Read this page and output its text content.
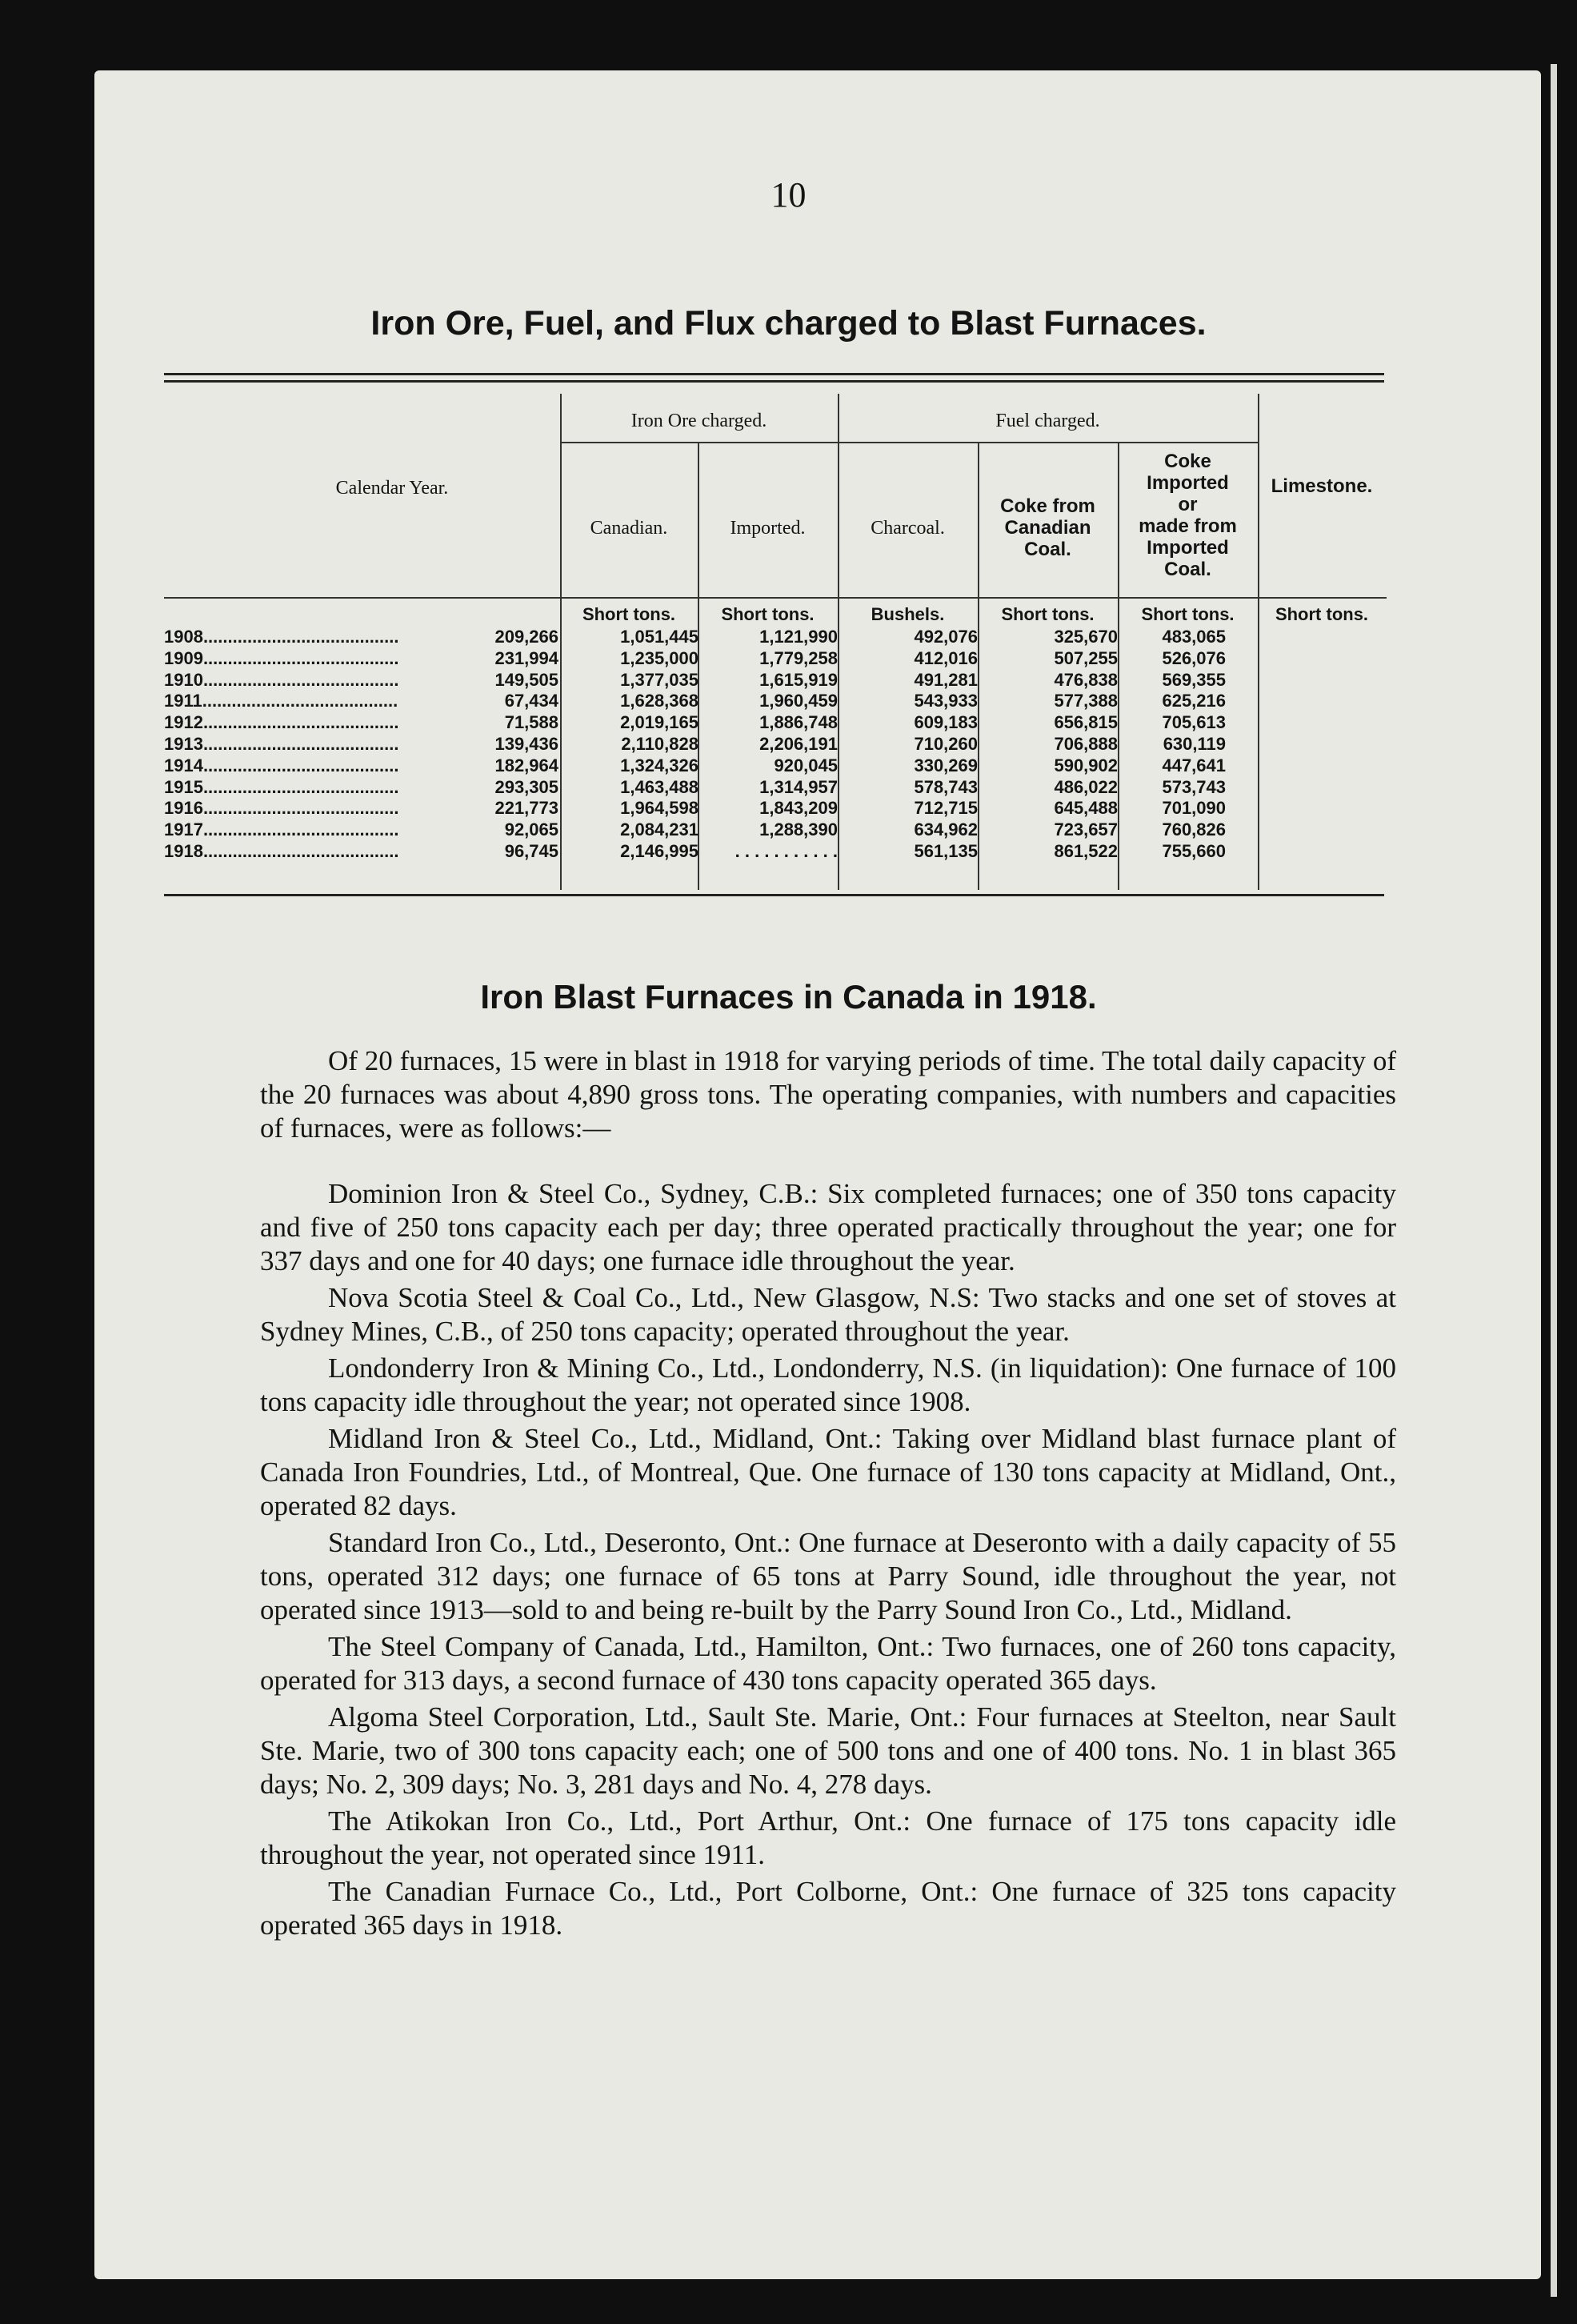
10
Iron Ore, Fuel, and Flux charged to Blast Furnaces.
Iron Ore charged.	Fuel charged.
Calendar Year.
Canadian.	Imported.	Charcoal.
Coke from
Canadian
Coal.
Coke
Imported
or
made from
Imported
Coal.
Limestone.
Short tons.	Short tons.	Bushels.	Short tons.	Short tons.	Short tons.
1908........................................	209,266	1,051,445	1,121,990	492,076	325,670	483,065
1909........................................	231,994	1,235,000	1,779,258	412,016	507,255	526,076
1910........................................	149,505	1,377,035	1,615,919	491,281	476,838	569,355
1911........................................	67,434	1,628,368	1,960,459	543,933	577,388	625,216
1912........................................	71,588	2,019,165	1,886,748	609,183	656,815	705,613
1913........................................	139,436	2,110,828	2,206,191	710,260	706,888	630,119
1914........................................	182,964	1,324,326	920,045	330,269	590,902	447,641
1915........................................	293,305	1,463,488	1,314,957	578,743	486,022	573,743
1916........................................	221,773	1,964,598	1,843,209	712,715	645,488	701,090
1917........................................	92,065	2,084,231	1,288,390	634,962	723,657	760,826
1918........................................	96,745	2,146,995 . . . . . . . . . . .	561,135	861,522	755,660
Iron Blast Furnaces in Canada in 1918.

Of 20 furnaces, 15 were in blast in 1918 for varying periods of time. The total daily capacity of the 20 furnaces was about 4,890 gross tons. The operating companies, with numbers and capacities of furnaces, were as follows:—

Dominion Iron & Steel Co., Sydney, C.B.: Six completed furnaces; one of 350 tons capacity and five of 250 tons capacity each per day; three operated practically throughout the year; one for 337 days and one for 40 days; one furnace idle throughout the year.

Nova Scotia Steel & Coal Co., Ltd., New Glasgow, N.S: Two stacks and one set of stoves at Sydney Mines, C.B., of 250 tons capacity; operated throughout the year.

Londonderry Iron & Mining Co., Ltd., Londonderry, N.S. (in liquidation): One furnace of 100 tons capacity idle throughout the year; not operated since 1908.

Midland Iron & Steel Co., Ltd., Midland, Ont.: Taking over Midland blast furnace plant of Canada Iron Foundries, Ltd., of Montreal, Que. One furnace of 130 tons capacity at Midland, Ont., operated 82 days.

Standard Iron Co., Ltd., Deseronto, Ont.: One furnace at Deseronto with a daily capacity of 55 tons, operated 312 days; one furnace of 65 tons at Parry Sound, idle throughout the year, not operated since 1913—sold to and being re-built by the Parry Sound Iron Co., Ltd., Midland.

The Steel Company of Canada, Ltd., Hamilton, Ont.: Two furnaces, one of 260 tons capacity, operated for 313 days, a second furnace of 430 tons capacity operated 365 days.

Algoma Steel Corporation, Ltd., Sault Ste. Marie, Ont.: Four furnaces at Steelton, near Sault Ste. Marie, two of 300 tons capacity each; one of 500 tons and one of 400 tons. No. 1 in blast 365 days; No. 2, 309 days; No. 3, 281 days and No. 4, 278 days.

The Atikokan Iron Co., Ltd., Port Arthur, Ont.: One furnace of 175 tons capacity idle throughout the year, not operated since 1911.

The Canadian Furnace Co., Ltd., Port Colborne, Ont.: One furnace of 325 tons capacity operated 365 days in 1918.
